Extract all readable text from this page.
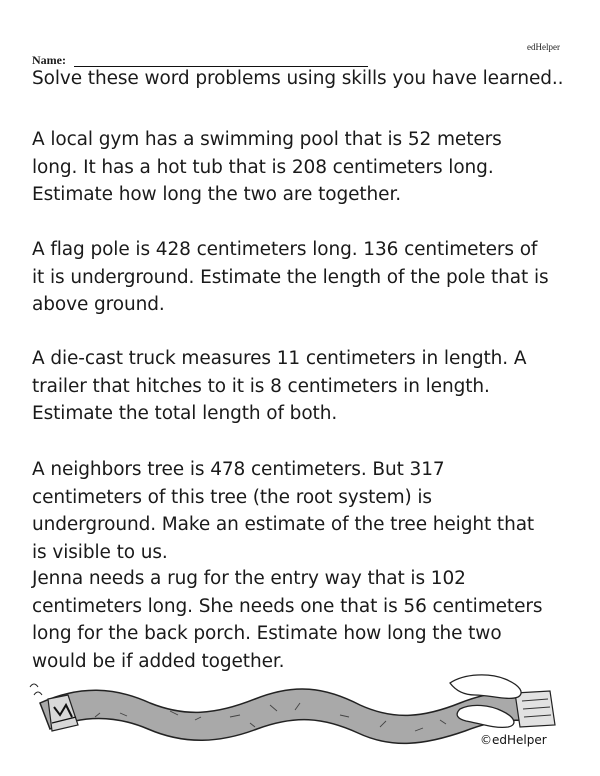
edHelper
Name:
Solve these word problems using skills you have learned..
A local gym has a swimming pool that is 52 meters long. It has a hot tub that is 208 centimeters long. Estimate how long the two are together.
A flag pole is 428 centimeters long. 136 centimeters of it is underground. Estimate the length of the pole that is above ground.
A die-cast truck measures 11 centimeters in length. A trailer that hitches to it is 8 centimeters in length. Estimate the total length of both.
A neighbors tree is 478 centimeters. But 317 centimeters of this tree (the root system) is underground. Make an estimate of the tree height that is visible to us.
Jenna needs a rug for the entry way that is 102 centimeters long. She needs one that is 56 centimeters long for the back porch. Estimate how long the two would be if added together.
©edHelper
